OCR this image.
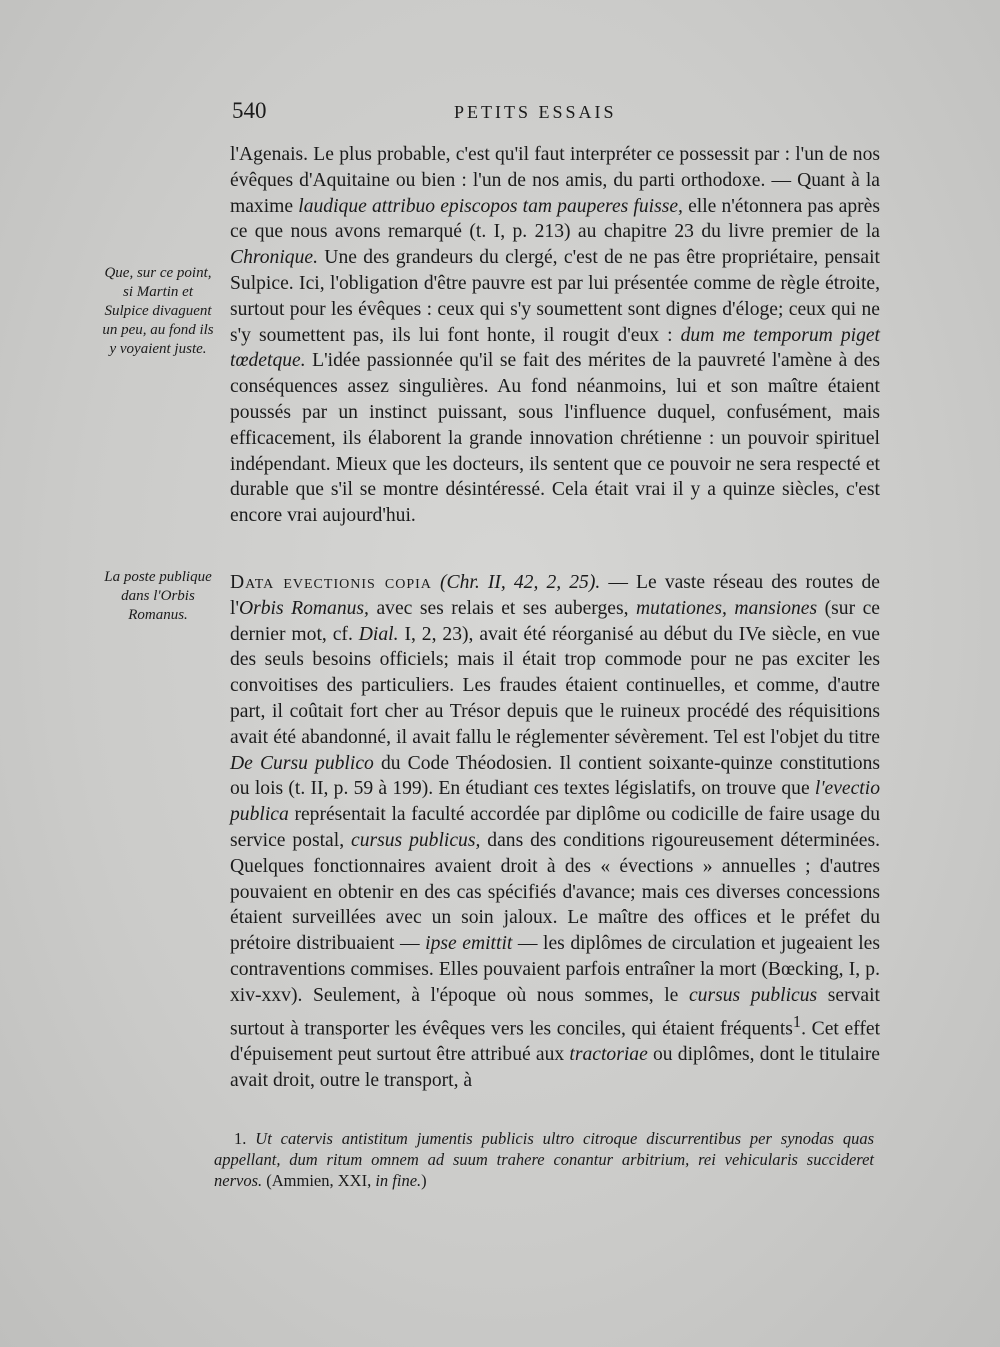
540	PETITS ESSAIS
Que, sur ce point, si Martin et Sulpice divaguent un peu, au fond ils y voyaient juste.
La poste publique dans l'Orbis Romanus.

l'Agenais. Le plus probable, c'est qu'il faut interpréter ce possessit par : l'un de nos évêques d'Aquitaine ou bien : l'un de nos amis, du parti orthodoxe. — Quant à la maxime laudique attribuo episcopos tam pauperes fuisse, elle n'étonnera pas après ce que nous avons remarqué (t. I, p. 213) au chapitre 23 du livre premier de la Chronique. Une des grandeurs du clergé, c'est de ne pas être propriétaire, pensait Sulpice. Ici, l'obligation d'être pauvre est par lui présentée comme de règle étroite, surtout pour les évêques : ceux qui s'y soumettent sont dignes d'éloge; ceux qui ne s'y soumettent pas, ils lui font honte, il rougit d'eux : dum me temporum piget tœdetque. L'idée passionnée qu'il se fait des mérites de la pauvreté l'amène à des conséquences assez singulières. Au fond néanmoins, lui et son maître étaient poussés par un instinct puissant, sous l'influence duquel, confusément, mais efficacement, ils élaborent la grande innovation chrétienne : un pouvoir spirituel indépendant. Mieux que les docteurs, ils sentent que ce pouvoir ne sera respecté et durable que s'il se montre désintéressé. Cela était vrai il y a quinze siècles, c'est encore vrai aujourd'hui.

Data evectionis copia (Chr. II, 42, 2, 25). — Le vaste réseau des routes de l'Orbis Romanus, avec ses relais et ses auberges, mutationes, mansiones (sur ce dernier mot, cf. Dial. I, 2, 23), avait été réorganisé au début du IVe siècle, en vue des seuls besoins officiels; mais il était trop commode pour ne pas exciter les convoitises des particuliers. Les fraudes étaient continuelles, et comme, d'autre part, il coûtait fort cher au Trésor depuis que le ruineux procédé des réquisitions avait été abandonné, il avait fallu le réglementer sévèrement. Tel est l'objet du titre De Cursu publico du Code Théodosien. Il contient soixante-quinze constitutions ou lois (t. II, p. 59 à 199). En étudiant ces textes législatifs, on trouve que l'evectio publica représentait la faculté accordée par diplôme ou codicille de faire usage du service postal, cursus publicus, dans des conditions rigoureusement déterminées. Quelques fonctionnaires avaient droit à des « évections » annuelles ; d'autres pouvaient en obtenir en des cas spécifiés d'avance; mais ces diverses concessions étaient surveillées avec un soin jaloux. Le maître des offices et le préfet du prétoire distribuaient — ipse emittit — les diplômes de circulation et jugeaient les contraventions commises. Elles pouvaient parfois entraîner la mort (Bœcking, I, p. xiv-xxv). Seulement, à l'époque où nous sommes, le cursus publicus servait surtout à transporter les évêques vers les conciles, qui étaient fréquents$^1$. Cet effet d'épuisement peut surtout être attribué aux tractoriae ou diplômes, dont le titulaire avait droit, outre le transport, à

1. Ut catervis antistitum jumentis publicis ultro citroque discurrentibus per synodas quas appellant, dum ritum omnem ad suum trahere conantur arbitrium, rei vehicularis succideret nervos. (Ammien, XXI, in fine.)
